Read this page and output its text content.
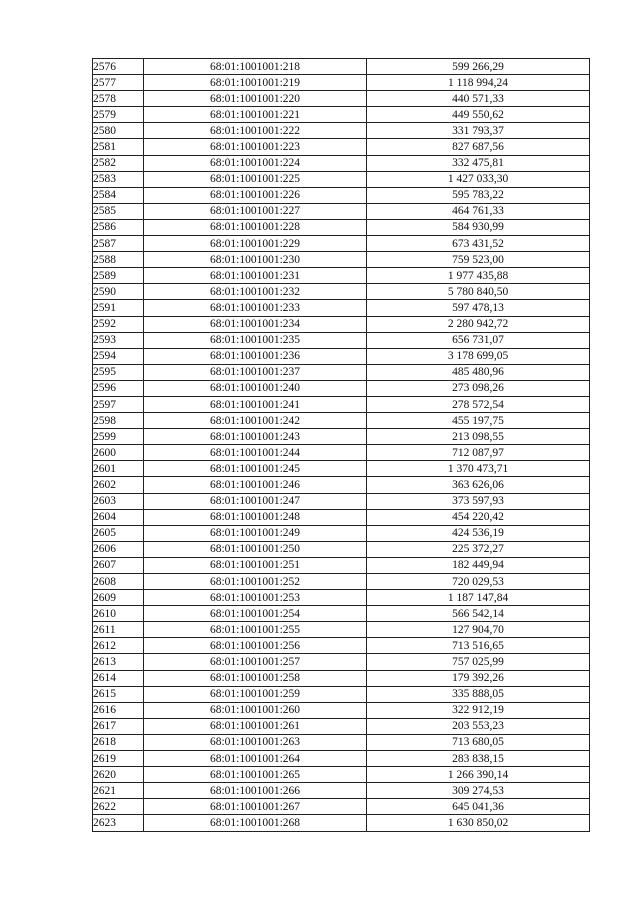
2576	68:01:1001001:218	599 266,29
2577	68:01:1001001:219	1 118 994,24
2578	68:01:1001001:220	440 571,33
2579	68:01:1001001:221	449 550,62
2580	68:01:1001001:222	331 793,37
2581	68:01:1001001:223	827 687,56
2582	68:01:1001001:224	332 475,81
2583	68:01:1001001:225	1 427 033,30
2584	68:01:1001001:226	595 783,22
2585	68:01:1001001:227	464 761,33
2586	68:01:1001001:228	584 930,99
2587	68:01:1001001:229	673 431,52
2588	68:01:1001001:230	759 523,00
2589	68:01:1001001:231	1 977 435,88
2590	68:01:1001001:232	5 780 840,50
2591	68:01:1001001:233	597 478,13
2592	68:01:1001001:234	2 280 942,72
2593	68:01:1001001:235	656 731,07
2594	68:01:1001001:236	3 178 699,05
2595	68:01:1001001:237	485 480,96
2596	68:01:1001001:240	273 098,26
2597	68:01:1001001:241	278 572,54
2598	68:01:1001001:242	455 197,75
2599	68:01:1001001:243	213 098,55
2600	68:01:1001001:244	712 087,97
2601	68:01:1001001:245	1 370 473,71
2602	68:01:1001001:246	363 626,06
2603	68:01:1001001:247	373 597,93
2604	68:01:1001001:248	454 220,42
2605	68:01:1001001:249	424 536,19
2606	68:01:1001001:250	225 372,27
2607	68:01:1001001:251	182 449,94
2608	68:01:1001001:252	720 029,53
2609	68:01:1001001:253	1 187 147,84
2610	68:01:1001001:254	566 542,14
2611	68:01:1001001:255	127 904,70
2612	68:01:1001001:256	713 516,65
2613	68:01:1001001:257	757 025,99
2614	68:01:1001001:258	179 392,26
2615	68:01:1001001:259	335 888,05
2616	68:01:1001001:260	322 912,19
2617	68:01:1001001:261	203 553,23
2618	68:01:1001001:263	713 680,05
2619	68:01:1001001:264	283 838,15
2620	68:01:1001001:265	1 266 390,14
2621	68:01:1001001:266	309 274,53
2622	68:01:1001001:267	645 041,36
2623	68:01:1001001:268	1 630 850,02
